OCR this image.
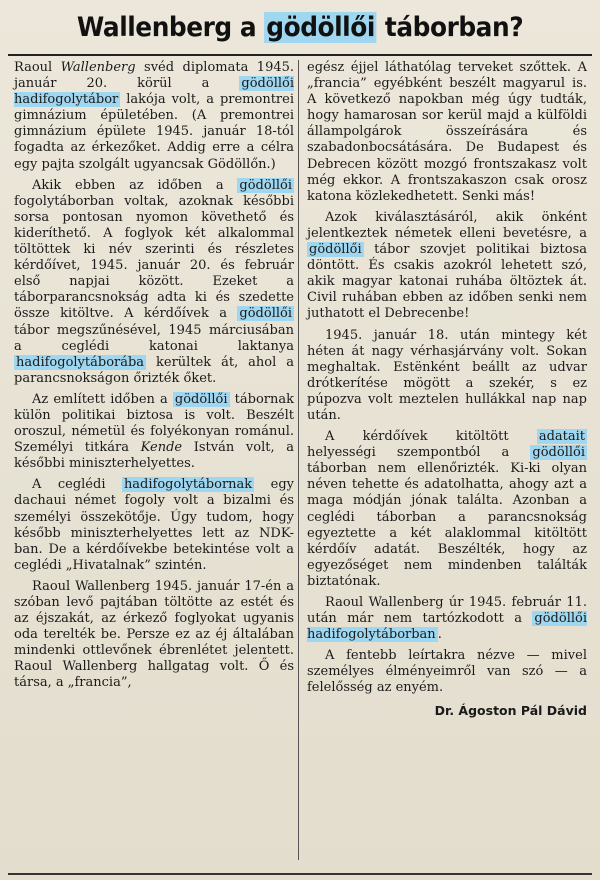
Wallenberg a gödöllői táborban?

Raoul Wallenberg svéd diplomata 1945. január 20. körül a gödöllői hadifogolytábor lakója volt, a premontrei gimnázium épületében. (A premontrei gimnázium épülete 1945. január 18-tól fogadta az érkezőket. Addig erre a célra egy pajta szolgált ugyancsak Gödöllőn.)

Akik ebben az időben a gödöllői fogolytáborban voltak, azoknak későbbi sorsa pontosan nyomon követhető és kideríthető. A foglyok két alkalommal töltöttek ki név szerinti és részletes kérdőívet, 1945. január 20. és február első napjai között. Ezeket a táborparancsnokság adta ki és szedette össze kitöltve. A kérdőívek a gödöllői tábor megszűnésével, 1945 márciusában a ceglédi katonai laktanya hadifogolytáborába kerültek át, ahol a parancsnokságon őrizték őket.

Az említett időben a gödöllői tábornak külön politikai biztosa is volt. Beszélt oroszul, németül és folyékonyan románul. Személyi titkára Kende István volt, a későbbi miniszterhelyettes.

A ceglédi hadifogolytábornak egy dachaui német fogoly volt a bizalmi és személyi összekötője. Úgy tudom, hogy később miniszterhelyettes lett az NDK-ban. De a kérdőívekbe betekintése volt a ceglédi „Hivatalnak” szintén.

Raoul Wallenberg 1945. január 17-én a szóban levő pajtában töltötte az estét és az éjszakát, az érkező foglyokat ugyanis oda terelték be. Persze ez az éj általában mindenki ottlevőnek ébrenlétet jelentett. Raoul Wallenberg hallgatag volt. Ő és társa, a „francia”,

egész éjjel láthatólag terveket szőttek. A „francia” egyébként beszélt magyarul is. A következő napokban még úgy tudták, hogy hamarosan sor kerül majd a külföldi állampolgárok összeírására és szabadonbocsátására. De Budapest és Debrecen között mozgó frontszakasz volt még ekkor. A frontszakaszon csak orosz katona közlekedhetett. Senki más!

Azok kiválasztásáról, akik önként jelentkeztek németek elleni bevetésre, a gödöllői tábor szovjet politikai biztosa döntött. És csakis azokról lehetett szó, akik magyar katonai ruhába öltöztek át. Civil ruhában ebben az időben senki nem juthatott el Debrecenbe!

1945. január 18. után mintegy két héten át nagy vérhasjárvány volt. Sokan meghaltak. Estënként beállt az udvar drótkerítése mögött a szekér, s ez púpozva volt meztelen hullákkal nap nap után.

A kérdőívek kitöltött adatait helyességi szempontból a gödöllői táborban nem ellenőrizték. Ki-ki olyan néven tehette és adatolhatta, ahogy azt a maga módján jónak találta. Azonban a ceglédi táborban a parancsnokság egyeztette a két alaklommal kitöltött kérdőív adatát. Beszélték, hogy az egyezőséget nem mindenben találták biztatónak.

Raoul Wallenberg úr 1945. február 11. után már nem tartózkodott a gödöllői hadifogolytáborban .

A fentebb leírtakra nézve — mivel személyes élményeimről van szó — a felelősség az enyém.

Dr. Ágoston Pál Dávid
